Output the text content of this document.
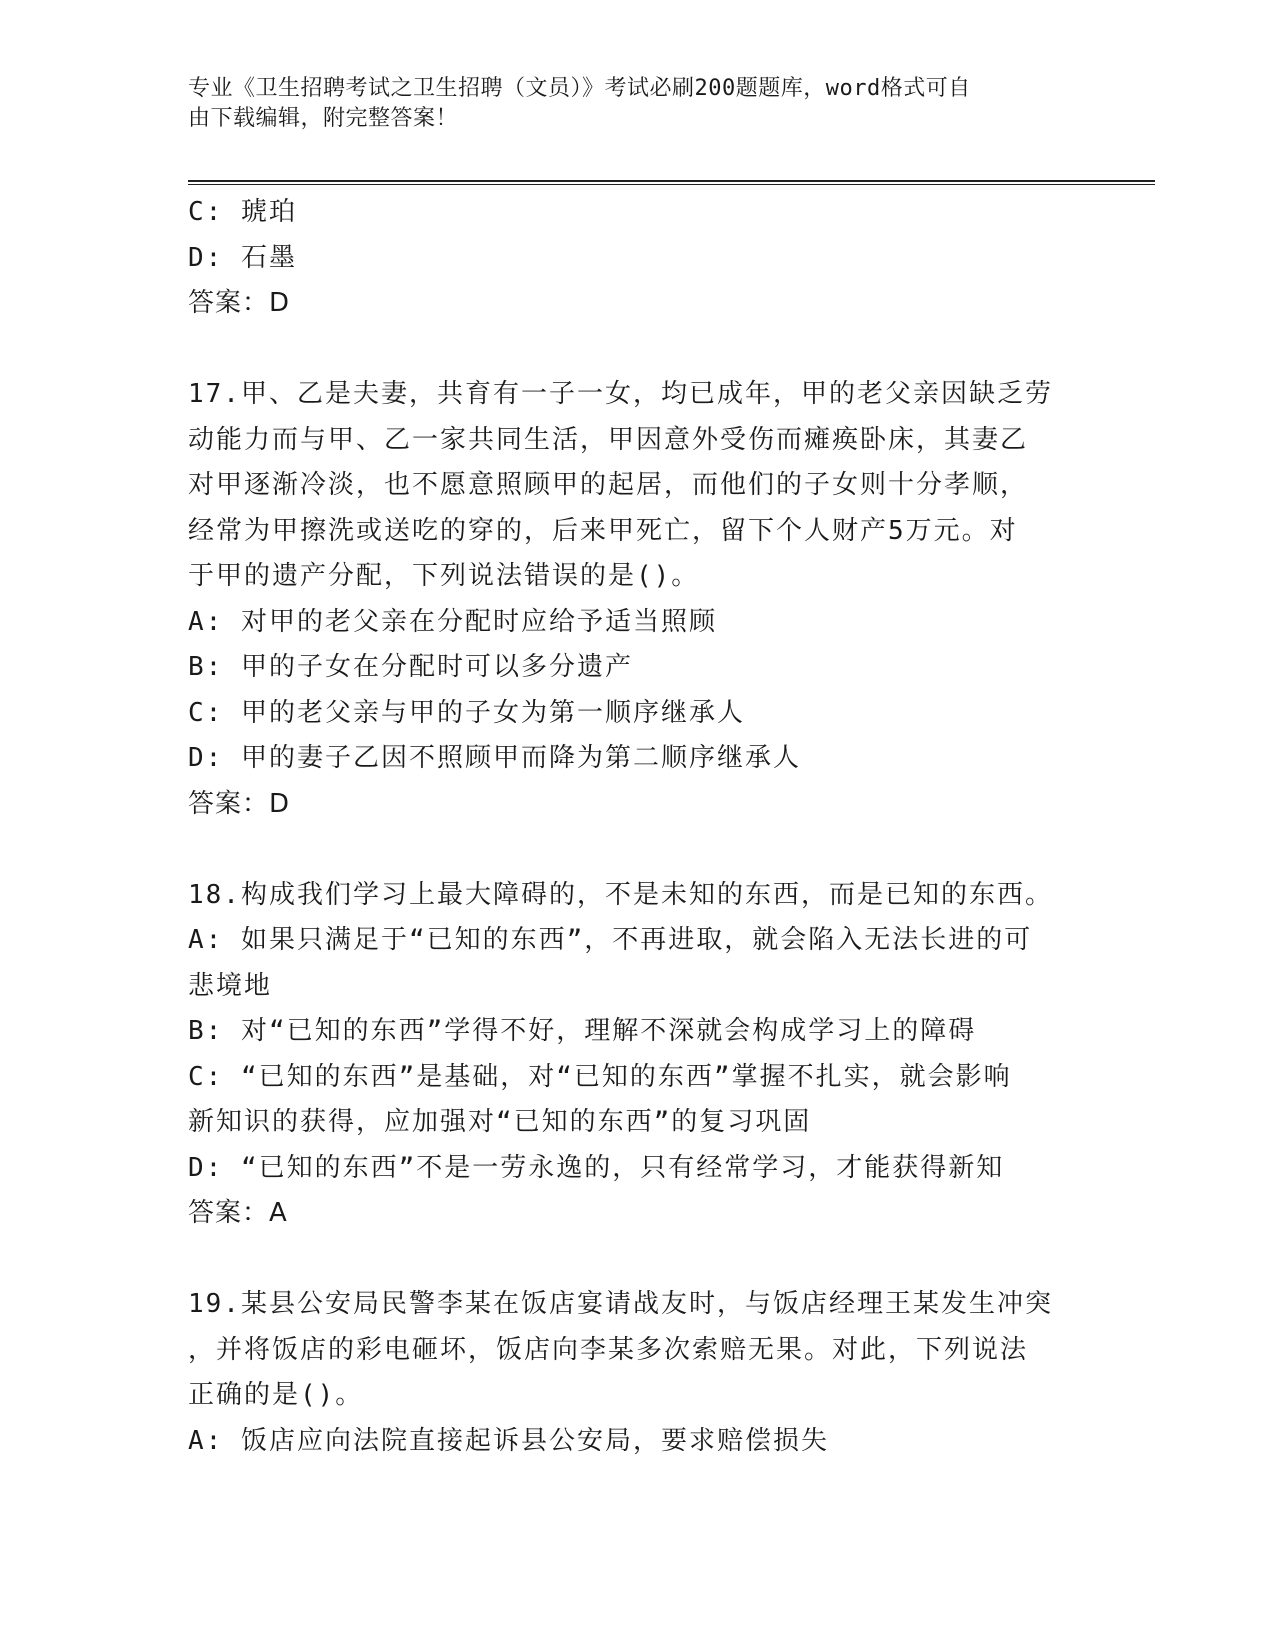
专业《卫生招聘考试之卫生招聘（文员）》考试必刷200题题库，word格式可自
由下载编辑，附完整答案！
C: 琥珀
D: 石墨
答案：D
17.甲、乙是夫妻，共育有一子一女，均已成年，甲的老父亲因缺乏劳
动能力而与甲、乙一家共同生活，甲因意外受伤而瘫痪卧床，其妻乙
对甲逐渐冷淡，也不愿意照顾甲的起居，而他们的子女则十分孝顺，
经常为甲擦洗或送吃的穿的，后来甲死亡，留下个人财产5万元。对
于甲的遗产分配，下列说法错误的是()。
A: 对甲的老父亲在分配时应给予适当照顾
B: 甲的子女在分配时可以多分遗产
C: 甲的老父亲与甲的子女为第一顺序继承人
D: 甲的妻子乙因不照顾甲而降为第二顺序继承人
答案：D
18.构成我们学习上最大障碍的，不是未知的东西，而是已知的东西。
A: 如果只满足于“已知的东西”，不再进取，就会陷入无法长进的可
悲境地
B: 对“已知的东西”学得不好，理解不深就会构成学习上的障碍
C: “已知的东西”是基础，对“已知的东西”掌握不扎实，就会影响
新知识的获得，应加强对“已知的东西”的复习巩固
D: “已知的东西”不是一劳永逸的，只有经常学习，才能获得新知
答案：A
19.某县公安局民警李某在饭店宴请战友时，与饭店经理王某发生冲突
，并将饭店的彩电砸坏，饭店向李某多次索赔无果。对此，下列说法
正确的是()。
A: 饭店应向法院直接起诉县公安局，要求赔偿损失
